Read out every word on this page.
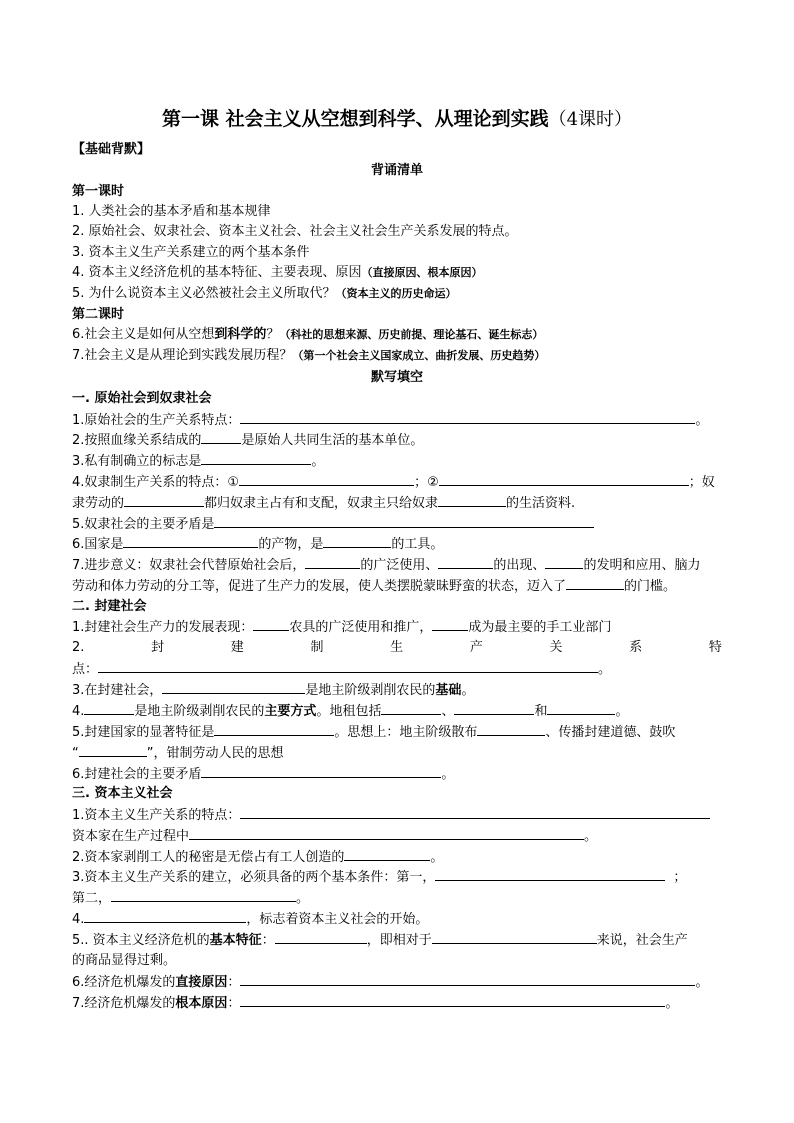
第一课 社会主义从空想到科学、从理论到实践（4课时）
【基础背默】
背诵清单
第一课时
1. 人类社会的基本矛盾和基本规律
2. 原始社会、奴隶社会、资本主义社会、社会主义社会生产关系发展的特点。
3. 资本主义生产关系建立的两个基本条件
4. 资本主义经济危机的基本特征、主要表现、原因（直接原因、根本原因）
5. 为什么说资本主义必然被社会主义所取代？（资本主义的历史命运）
第二课时
6.社会主义是如何从空想到科学的？（科社的思想来源、历史前提、理论基石、诞生标志）
7.社会主义是从理论到实践发展历程？（第一个社会主义国家成立、曲折发展、历史趋势）
默写填空
一. 原始社会到奴隶社会
1.原始社会的生产关系特点：	。
2.按照血缘关系结成的	是原始人共同生活的基本单位。
3.私有制确立的标志是	。
4.奴隶制生产关系的特点：①	；②	；奴
隶劳动的	都归奴隶主占有和支配，奴隶主只给奴隶	的生活资料.
5.奴隶社会的主要矛盾是
6.国家是	的产物，是	的工具。
7.进步意义：奴隶社会代替原始社会后，	的广泛使用、	的出现、	的发明和应用、脑力
劳动和体力劳动的分工等，促进了生产力的发展，使人类摆脱蒙昧野蛮的状态，迈入了	的门槛。
二. 封建社会
1.封建社会生产力的发展表现：	农具的广泛使用和推广，	成为最主要的手工业部门
2.	封	建	制	生	产	关	系	特
点：	。
3.在封建社会，	是地主阶级剥削农民的基础。
4.	是地主阶级剥削农民的主要方式。地租包括	、	和	。
5.封建国家的显著特征是	。思想上：地主阶级散布	、传播封建道德、鼓吹
“	”，钳制劳动人民的思想
6.封建社会的主要矛盾	。
三. 资本主义社会
1.资本主义生产关系的特点：
资本家在生产过程中	。
2.资本家剥削工人的秘密是无偿占有工人创造的	。
3.资本主义生产关系的建立，必须具备的两个基本条件：第一，	；
第二，	。
4.	，标志着资本主义社会的开始。
5.. 资本主义经济危机的基本特征：	，即相对于	来说，社会生产
的商品显得过剩。
6.经济危机爆发的直接原因：	。
7.经济危机爆发的根本原因：	。
